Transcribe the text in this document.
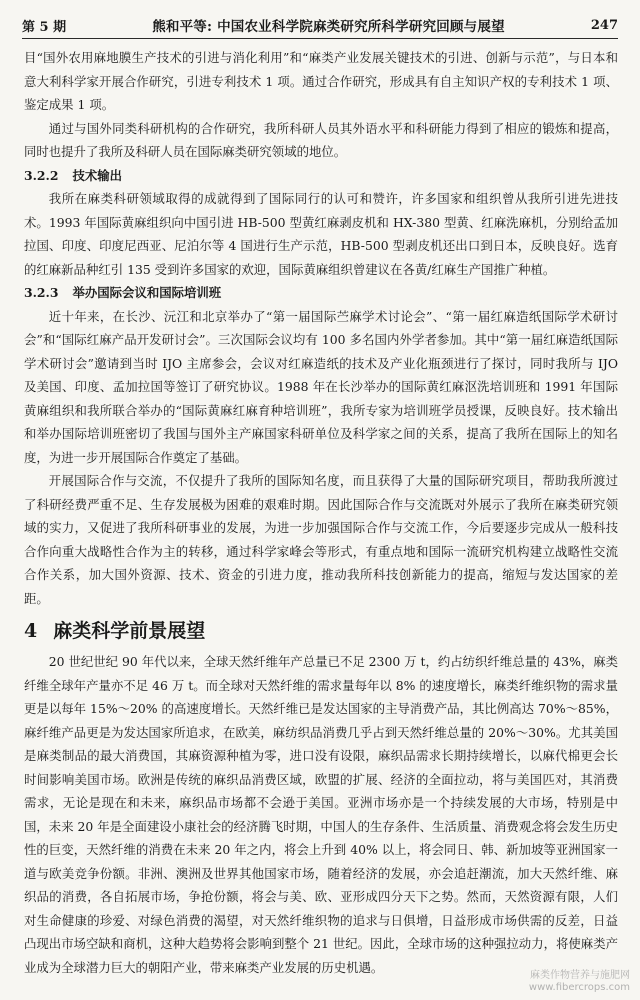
第 5 期	熊和平等: 中国农业科学院麻类研究所科学研究回顾与展望	247

目“国外农用麻地膜生产技术的引进与消化利用”和“麻类产业发展关键技术的引进、创新与示范”，与日本和意大利科学家开展合作研究，引进专利技术 1 项。通过合作研究，形成具有自主知识产权的专利技术 1 项、鉴定成果 1 项。

通过与国外同类科研机构的合作研究，我所科研人员其外语水平和科研能力得到了相应的锻炼和提高，同时也提升了我所及科研人员在国际麻类研究领域的地位。

3.2.2 技术输出

我所在麻类科研领域取得的成就得到了国际同行的认可和赞许，许多国家和组织曾从我所引进先进技术。1993 年国际黄麻组织向中国引进 HB-500 型黄红麻剥皮机和 HX-380 型黄、红麻洗麻机，分别给孟加拉国、印度、印度尼西亚、尼泊尔等 4 国进行生产示范，HB-500 型剥皮机还出口到日本，反映良好。选育的红麻新品种红引 135 受到许多国家的欢迎，国际黄麻组织曾建议在各黄/红麻生产国推广种植。

3.2.3 举办国际会议和国际培训班

近十年来，在长沙、沅江和北京举办了“第一届国际苎麻学术讨论会”、“第一届红麻造纸国际学术研讨会”和“国际红麻产品开发研讨会”。三次国际会议均有 100 多名国内外学者参加。其中“第一届红麻造纸国际学术研讨会”邀请到当时 IJO 主席参会，会议对红麻造纸的技术及产业化瓶颈进行了探讨，同时我所与 IJO 及美国、印度、孟加拉国等签订了研究协议。1988 年在长沙举办的国际黄红麻沤洗培训班和 1991 年国际黄麻组织和我所联合举办的“国际黄麻红麻育种培训班”，我所专家为培训班学员授课，反映良好。技术输出和举办国际培训班密切了我国与国外主产麻国家科研单位及科学家之间的关系，提高了我所在国际上的知名度，为进一步开展国际合作奠定了基础。

开展国际合作与交流，不仅提升了我所的国际知名度，而且获得了大量的国际研究项目，帮助我所渡过了科研经费严重不足、生存发展极为困难的艰难时期。因此国际合作与交流既对外展示了我所在麻类研究领域的实力，又促进了我所科研事业的发展，为进一步加强国际合作与交流工作，今后要逐步完成从一般科技合作向重大战略性合作为主的转移，通过科学家峰会等形式，有重点地和国际一流研究机构建立战略性交流合作关系，加大国外资源、技术、资金的引进力度，推动我所科技创新能力的提高，缩短与发达国家的差距。

4 麻类科学前景展望

20 世纪世纪 90 年代以来，全球天然纤维年产总量已不足 2300 万 t，约占纺织纤维总量的 43%，麻类纤维全球年产量亦不足 46 万 t。而全球对天然纤维的需求量每年以 8% 的速度增长，麻类纤维织物的需求量更是以每年 15%～20% 的高速度增长。天然纤维已是发达国家的主导消费产品，其比例高达 70%～85%，麻纤维产品更是为发达国家所追求，在欧美，麻纺织品消费几乎占到天然纤维总量的 20%～30%。尤其美国是麻类制品的最大消费国，其麻资源种植为零，进口没有设限，麻织品需求长期持续增长，以麻代棉更会长时间影响美国市场。欧洲是传统的麻织品消费区域，欧盟的扩展、经济的全面拉动，将与美国匹对，其消费需求，无论是现在和未来，麻织品市场都不会逊于美国。亚洲市场亦是一个持续发展的大市场，特别是中国，未来 20 年是全面建设小康社会的经济腾飞时期，中国人的生存条件、生活质量、消费观念将会发生历史性的巨变，天然纤维的消费在未来 20 年之内，将会上升到 40% 以上，将会同日、韩、新加坡等亚洲国家一道与欧美竞争份额。非洲、澳洲及世界其他国家市场，随着经济的发展，亦会追赶潮流，加大天然纤维、麻织品的消费，各自拓展市场，争抢份额，将会与美、欧、亚形成四分天下之势。然而，天然资源有限，人们对生命健康的珍爱、对绿色消费的渴望，对天然纤维织物的追求与日俱增，日益形成市场供需的反差，日益凸现出市场空缺和商机，这种大趋势将会影响到整个 21 世纪。因此，全球市场的这种强拉动力，将使麻类产业成为全球潜力巨大的朝阳产业，带来麻类产业发展的历史机遇。

麻类作物营养与施肥网
www.fibercrops.com
